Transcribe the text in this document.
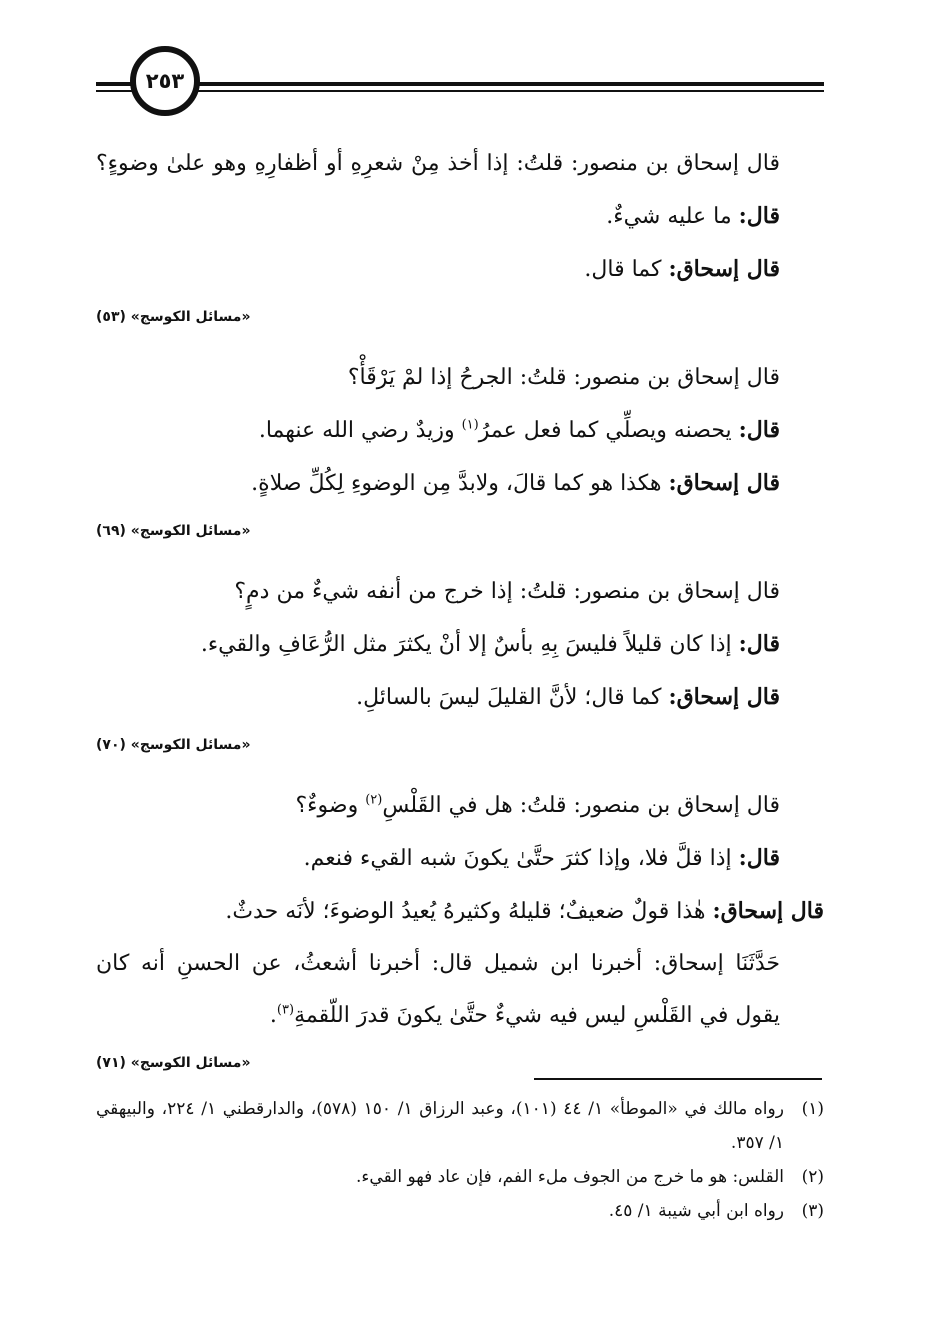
٢٥٣

قال إسحاق بن منصور: قلتُ: إذا أخذ مِنْ شعرِهِ أو أظفارِهِ وهو علىٰ وضوءٍ؟ قال: ما عليه شيءٌ.

قال إسحاق: كما قال.

«مسائل الكوسج» (٥٣)

قال إسحاق بن منصور: قلتُ: الجرحُ إذا لمْ يَرْقَأْ؟

قال: يحصنه ويصلِّي كما فعل عمرُ$^{(١)}$ وزيدٌ رضي الله عنهما.

قال إسحاق: هكذا هو كما قالَ، ولابدَّ مِن الوضوءِ لِكُلِّ صلاةٍ.

«مسائل الكوسج» (٦٩)

قال إسحاق بن منصور: قلتُ: إذا خرج من أنفه شيءٌ من دمٍ؟

قال: إذا كان قليلاً فليسَ بِهِ بأسٌ إلا أنْ يكثرَ مثل الرُّعَافِ والقيء.

قال إسحاق: كما قال؛ لأنَّ القليلَ ليسَ بالسائلِ.

«مسائل الكوسج» (٧٠)

قال إسحاق بن منصور: قلتُ: هل في القَلْسِ$^{(٢)}$ وضوءٌ؟

قال: إذا قلَّ فلا، وإذا كثرَ حتَّىٰ يكونَ شبه القيء فنعم.

قال إسحاق: هٰذا قولٌ ضعيفٌ؛ قليلهُ وكثيرهُ يُعيدُ الوضوءَ؛ لأنَه حدثٌ.

حَدَّثَنَا إسحاق: أخبرنا ابن شميل قال: أخبرنا أشعثُ، عن الحسنِ أنه كان يقول في القَلْسِ ليس فيه شيءٌ حتَّىٰ يكونَ قدرَ اللّقمةِ$^{(٣)}$.

«مسائل الكوسج» (٧١)

(١)
رواه مالك في «الموطأ» ١/ ٤٤ (١٠١)، وعبد الرزاق ١/ ١٥٠ (٥٧٨)، والدارقطني ١/ ٢٢٤، والبيهقي ١/ ٣٥٧.

(٢)
القلس: هو ما خرج من الجوف ملء الفم، فإن عاد فهو القيء.

(٣)
رواه ابن أبي شيبة ١/ ٤٥.
